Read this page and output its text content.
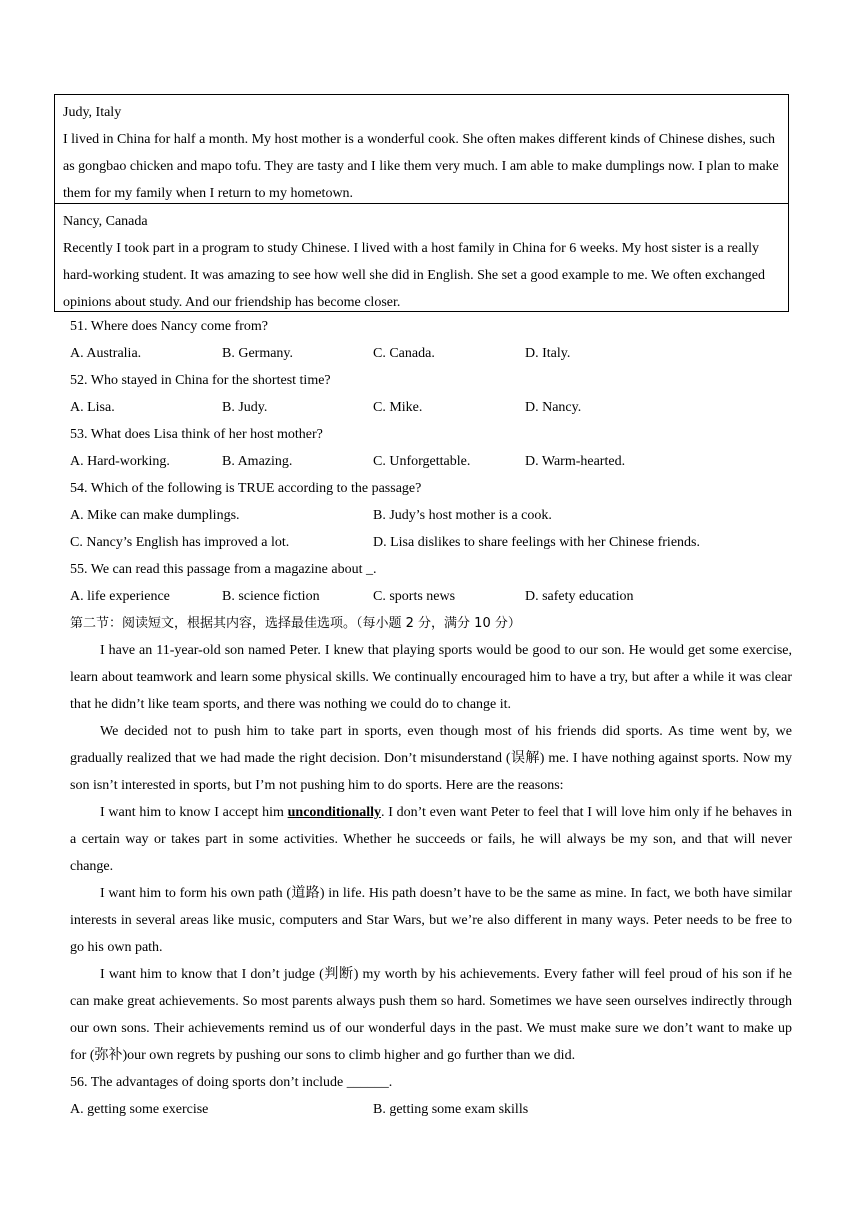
Judy, Italy
I lived in China for half a month. My host mother is a wonderful cook. She often makes different kinds of Chinese dishes, such as gongbao chicken and mapo tofu. They are tasty and I like them very much. I am able to make dumplings now. I plan to make them for my family when I return to my hometown.
Nancy, Canada
Recently I took part in a program to study Chinese. I lived with a host family in China for 6 weeks. My host sister is a really hard-working student. It was amazing to see how well she did in English. She set a good example to me. We often exchanged opinions about study. And our friendship has become closer.

51. Where does Nancy come from?

A. Australia.	B. Germany.	C. Canada.	D. Italy.

52. Who stayed in China for the shortest time?

A. Lisa.	B. Judy.	C. Mike.	D. Nancy.

53. What does Lisa think of her host mother?

A. Hard-working.	B. Amazing.	C. Unforgettable.	D. Warm-hearted.

54. Which of the following is TRUE according to the passage?

A. Mike can make dumplings.	B. Judy’s host mother is a cook.
C. Nancy’s English has improved a lot.	D. Lisa dislikes to share feelings with her Chinese friends.

55. We can read this passage from a magazine about _.

A. life experience	B. science fiction	C. sports news	D. safety education

第二节：阅读短文，根据其内容，选择最佳选项。（每小题 2 分，满分 10 分）

I have an 11-year-old son named Peter. I knew that playing sports would be good to our son. He would get some exercise, learn about teamwork and learn some physical skills. We continually encouraged him to have a try, but after a while it was clear that he didn’t like team sports, and there was nothing we could do to change it.

We decided not to push him to take part in sports, even though most of his friends did sports. As time went by, we gradually realized that we had made the right decision. Don’t misunderstand (误解) me. I have nothing against sports. Now my son isn’t interested in sports, but I’m not pushing him to do sports. Here are the reasons:

I want him to know I accept him unconditionally. I don’t even want Peter to feel that I will love him only if he behaves in a certain way or takes part in some activities. Whether he succeeds or fails, he will always be my son, and that will never change.

I want him to form his own path (道路) in life. His path doesn’t have to be the same as mine. In fact, we both have similar interests in several areas like music, computers and Star Wars, but we’re also different in many ways. Peter needs to be free to go his own path.

I want him to know that I don’t judge (判断) my worth by his achievements. Every father will feel proud of his son if he can make great achievements. So most parents always push them so hard. Sometimes we have seen ourselves indirectly through our own sons. Their achievements remind us of our wonderful days in the past. We must make sure we don’t want to make up for (弥补)our own regrets by pushing our sons to climb higher and go further than we did.

56. The advantages of doing sports don’t include ______.

A. getting some exercise	B. getting some exam skills
